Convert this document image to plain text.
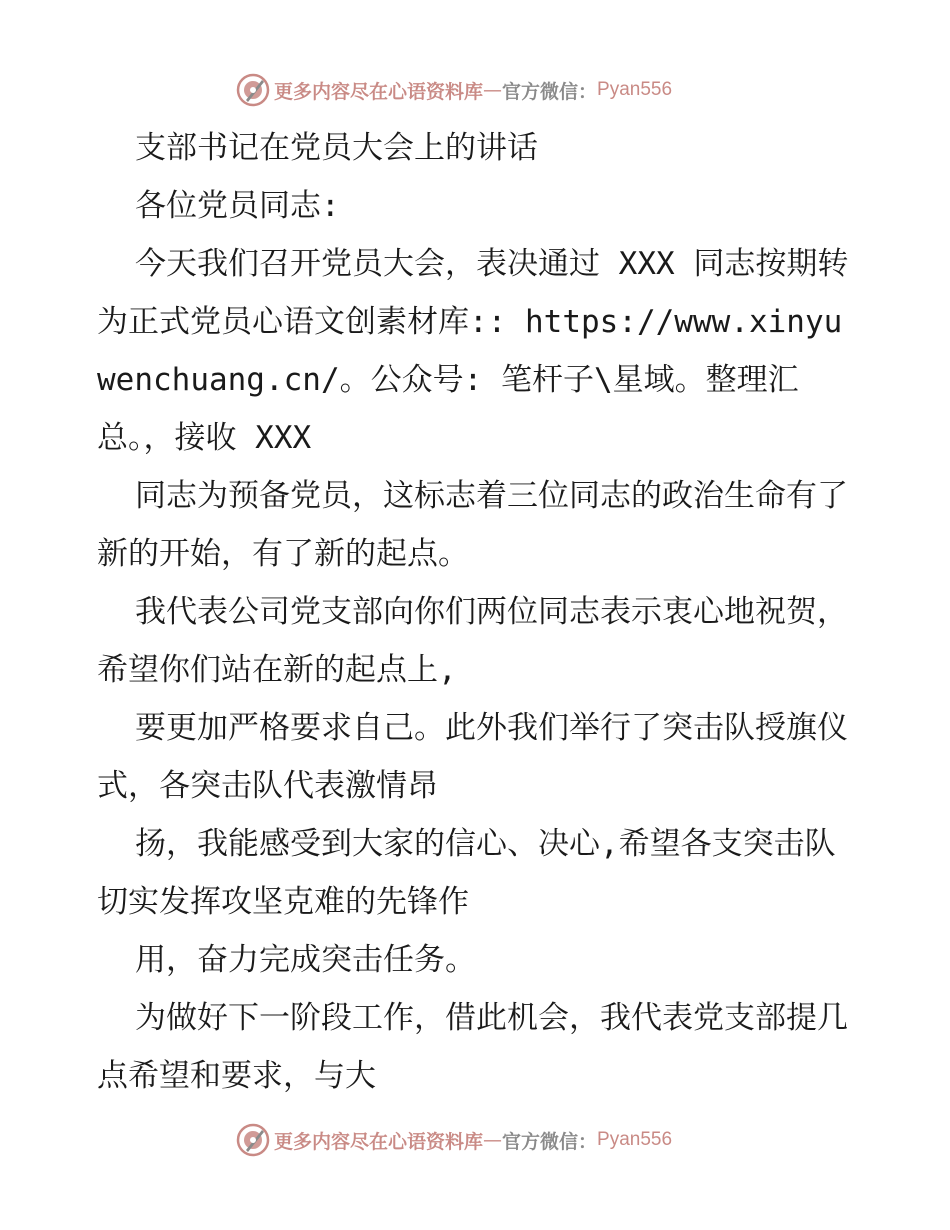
更多内容尽在心语资料库 — 官方微信： Pyan556

支部书记在党员大会上的讲话

各位党员同志:

今天我们召开党员大会，表决通过 XXX 同志按期转为正式党员心语文创素材库:: https://www.xinyuwenchuang.cn/。公众号: 笔杆子\星域。整理汇总。，接收 XXX

同志为预备党员，这标志着三位同志的政治生命有了新的开始，有了新的起点。

我代表公司党支部向你们两位同志表示衷心地祝贺，希望你们站在新的起点上,

要更加严格要求自己。此外我们举行了突击队授旗仪式，各突击队代表激情昂

扬，我能感受到大家的信心、决心,希望各支突击队切实发挥攻坚克难的先锋作

用，奋力完成突击任务。

为做好下一阶段工作，借此机会，我代表党支部提几点希望和要求，与大

更多内容尽在心语资料库 — 官方微信： Pyan556
